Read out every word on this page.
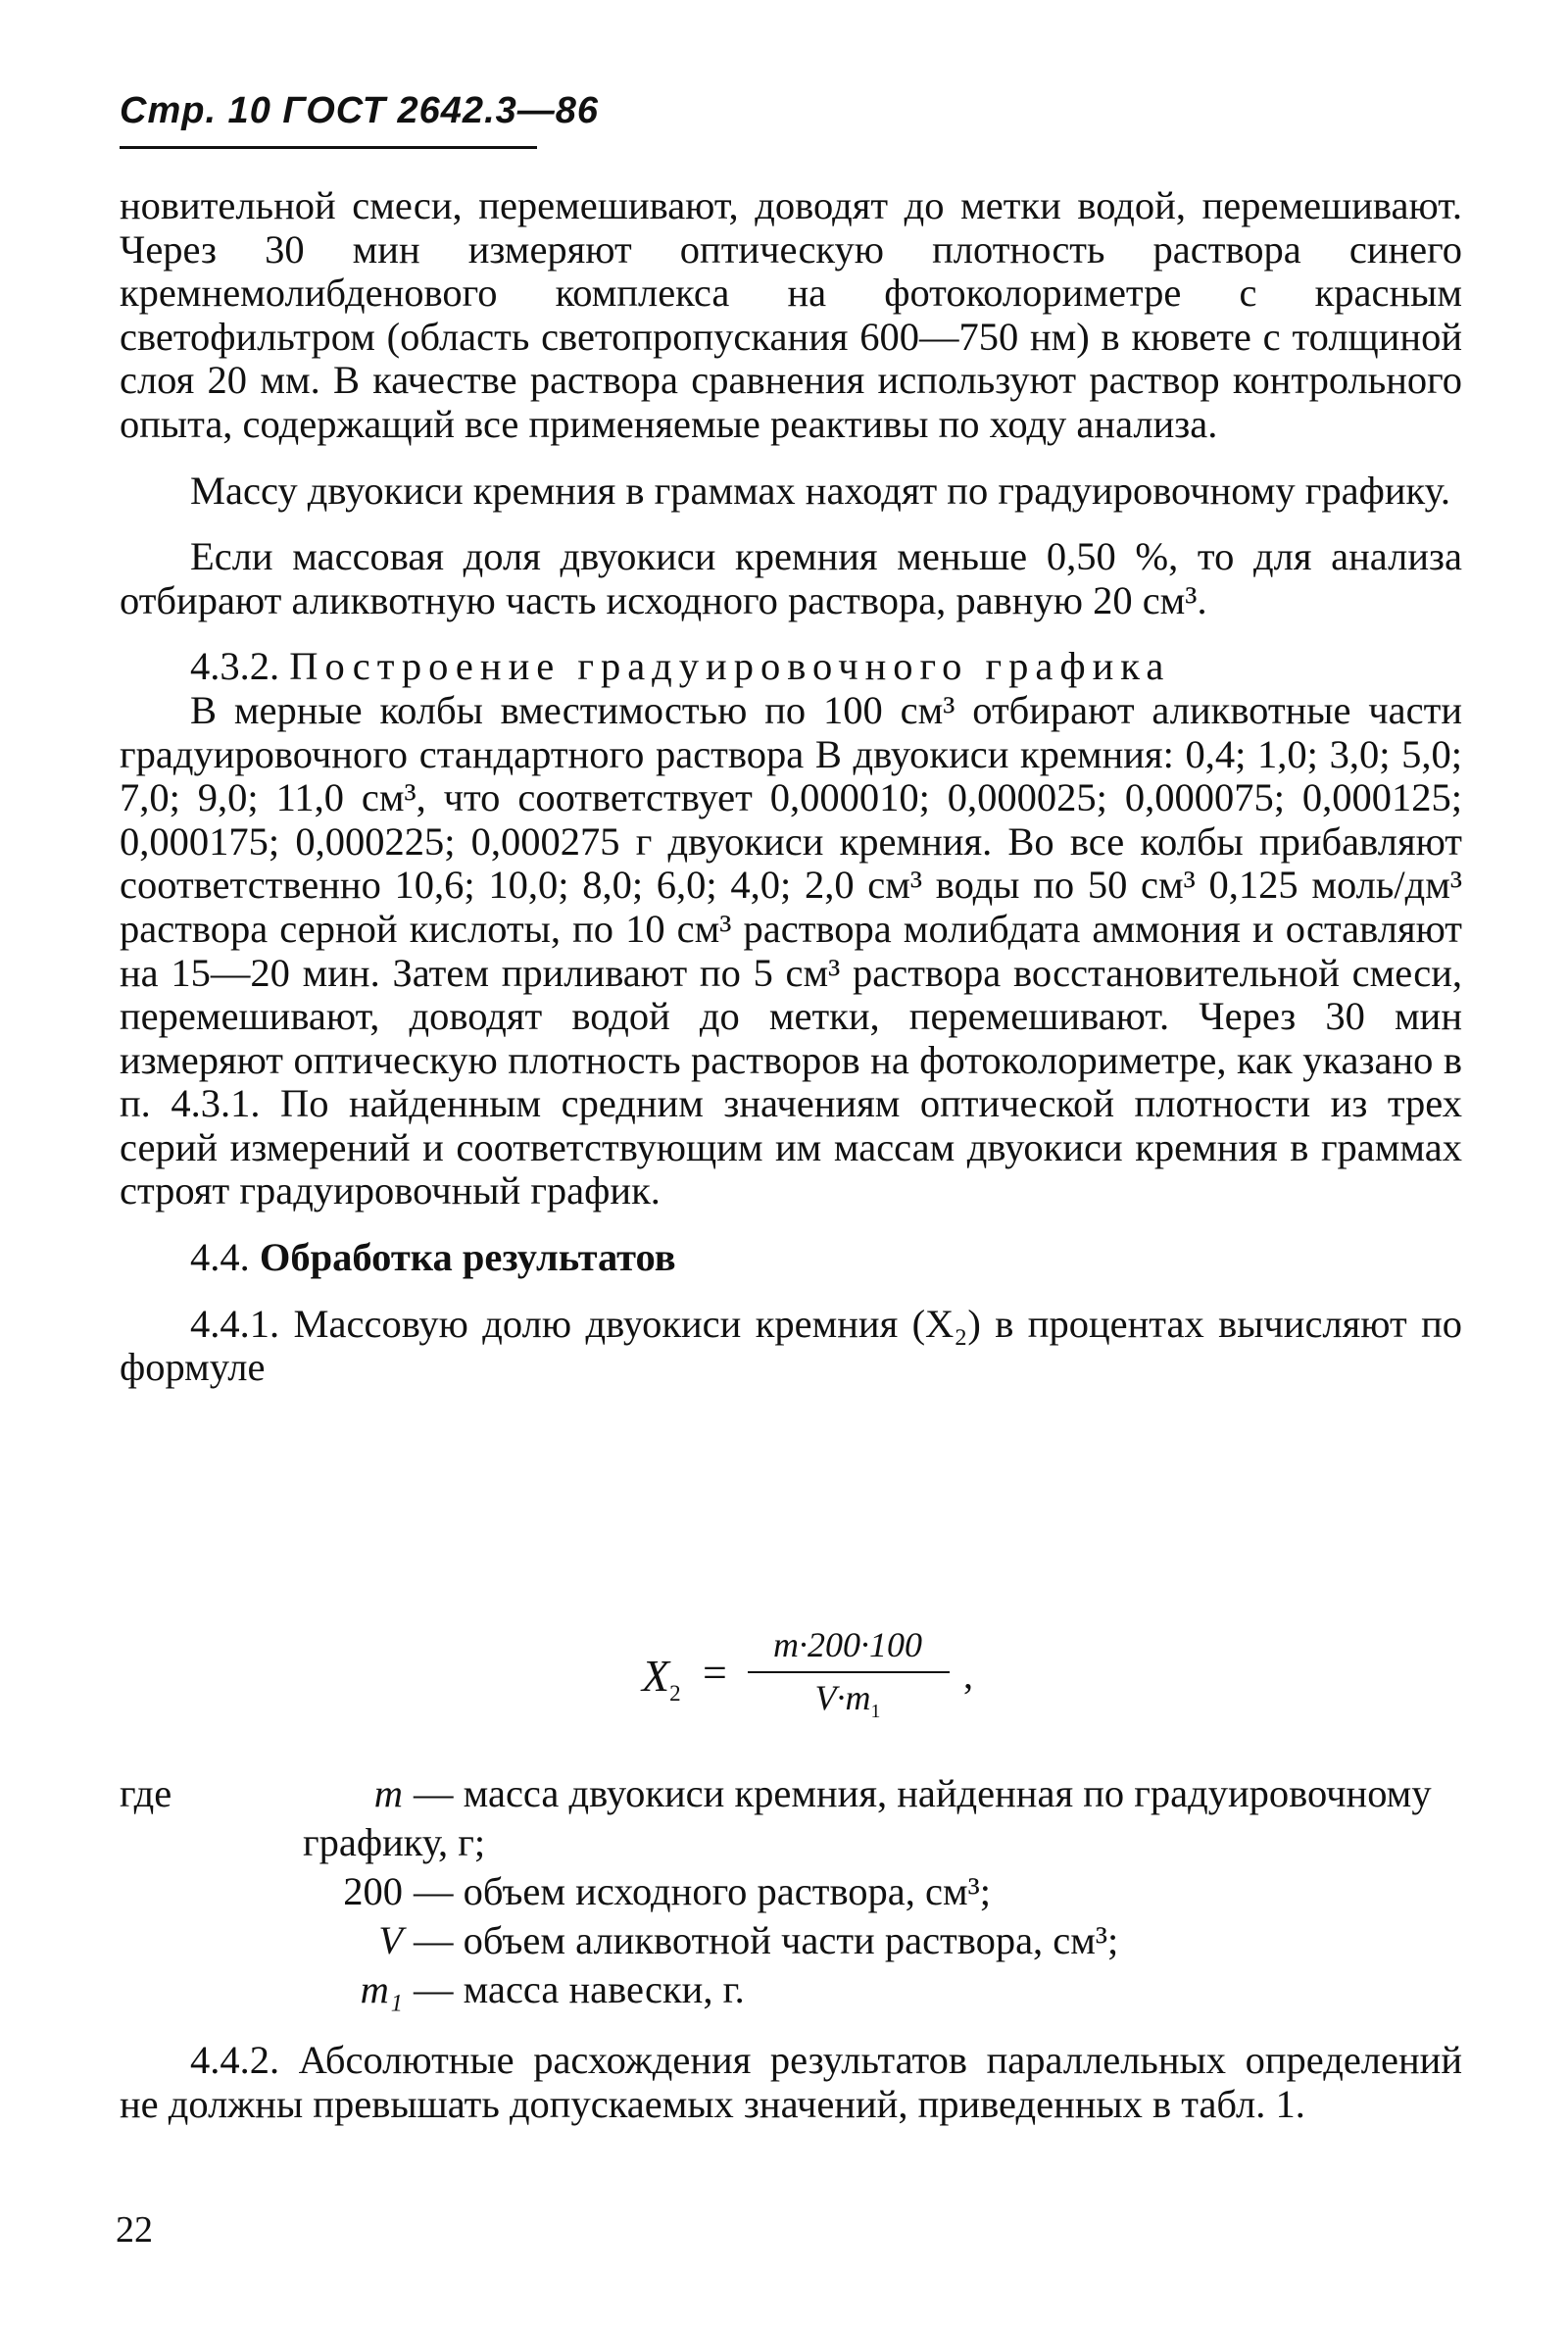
Стр. 10 ГОСТ 2642.3—86

новительной смеси, перемешивают, доводят до метки водой, перемешивают. Через 30 мин измеряют оптическую плотность раствора синего кремнемолибденового комплекса на фотоколориметре с красным светофильтром (область светопропускания 600—750 нм) в кювете с толщиной слоя 20 мм. В качестве раствора сравнения используют раствор контрольного опыта, содержащий все применяемые реактивы по ходу анализа.

Массу двуокиси кремния в граммах находят по градуировочному графику.

Если массовая доля двуокиси кремния меньше 0,50 %, то для анализа отбирают аликвотную часть исходного раствора, равную 20 см³.

4.3.2. Построение градуировочного графика

В мерные колбы вместимостью по 100 см³ отбирают аликвотные части градуировочного стандартного раствора В двуокиси кремния: 0,4; 1,0; 3,0; 5,0; 7,0; 9,0; 11,0 см³, что соответствует 0,000010; 0,000025; 0,000075; 0,000125; 0,000175; 0,000225; 0,000275 г двуокиси кремния. Во все колбы прибавляют соответственно 10,6; 10,0; 8,0; 6,0; 4,0; 2,0 см³ воды по 50 см³ 0,125 моль/дм³ раствора серной кислоты, по 10 см³ раствора молибдата аммония и оставляют на 15—20 мин. Затем приливают по 5 см³ раствора восстановительной смеси, перемешивают, доводят водой до метки, перемешивают. Через 30 мин измеряют оптическую плотность растворов на фотоколориметре, как указано в п. 4.3.1. По найденным средним значениям оптической плотности из трех серий измерений и соответствующим им массам двуокиси кремния в граммах строят градуировочный график.

4.4. Обработка результатов

4.4.1. Массовую долю двуокиси кремния (X₂) в процентах вычисляют по формуле

$X_2$ =
m·200·100
$V\cdot m_1$
,
где	m — масса двуокиси кремния, найденная по градуировочному
графику, г;
200 — объем исходного раствора, см³;
V — объем аликвотной части раствора, см³;
m₁ — масса навески, г.

4.4.2. Абсолютные расхождения результатов параллельных определений не должны превышать допускаемых значений, приведенных в табл. 1.

22
